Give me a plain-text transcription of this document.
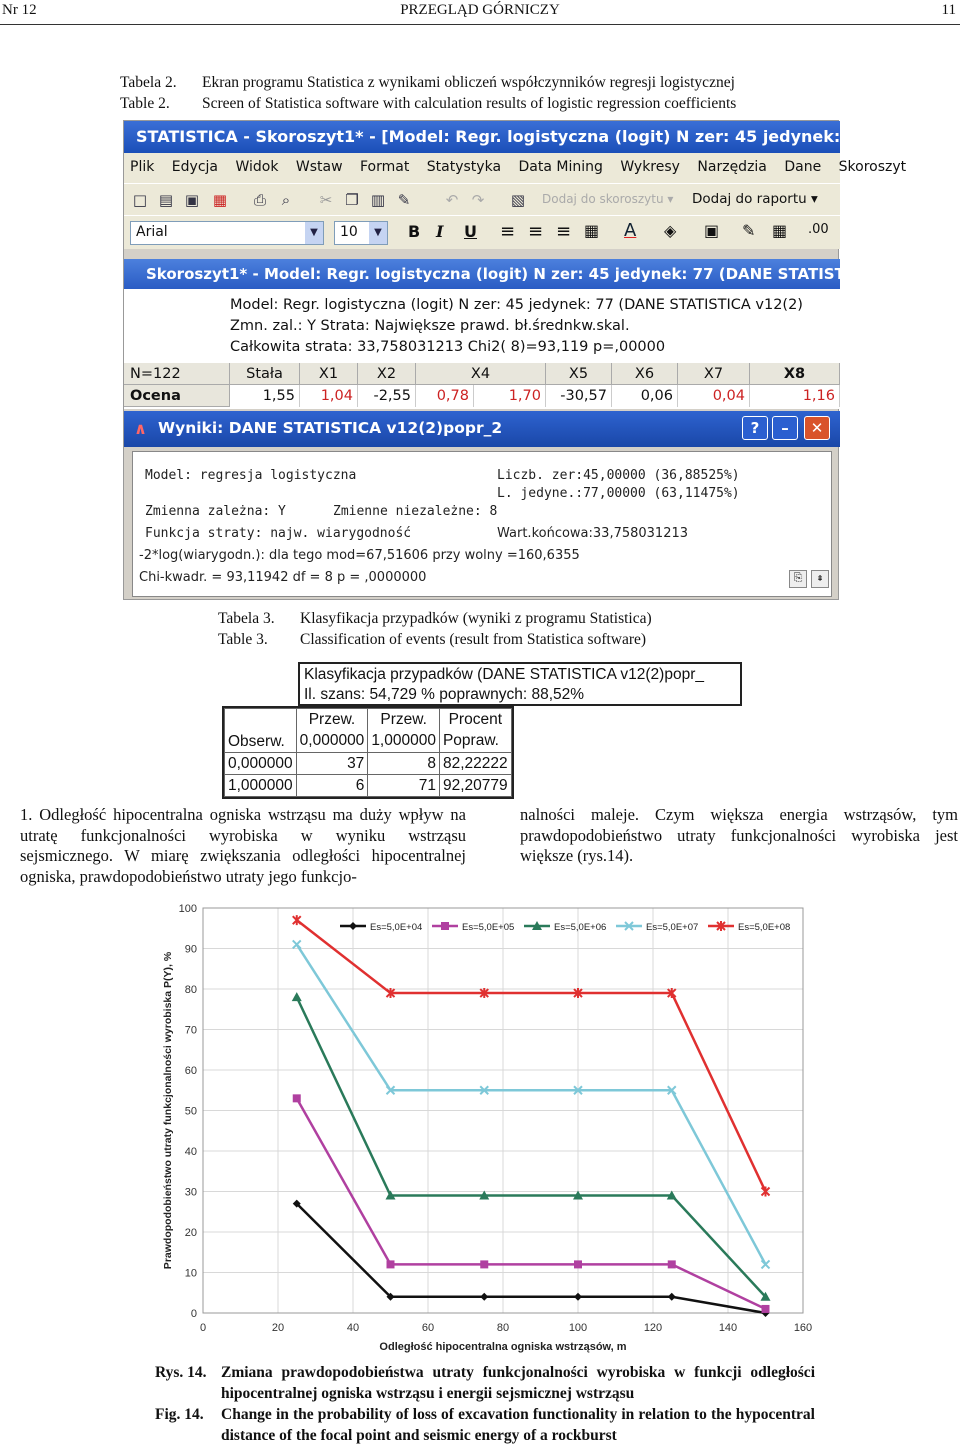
Nr 12	PRZEGLĄD GÓRNICZY	11
Tabela 2. Ekran programu Statistica z wynikami obliczeń współczynników regresji logistycznej
Table 2. Screen of Statistica software with calculation results of logistic regression coefficients
STATISTICA - Skoroszyt1* - [Model: Regr. logistyczna (logit) N zer: 45 jedynek: 77 (DAN
Plik Edycja Widok Wstaw Format Statystyka Data Mining Wykresy Narzędzia Dane Skoroszyt
□ ▤ ▣ ▦ ⎙	⌕	✂ ❐ ▥ ✎ ↶ ↷ ▧ Dodaj do skoroszytu ▾ Dodaj do raportu ▾
Arial	▼	10	▼	B I U ≡ ≡ ≡ ▦ A ◈ ▣ ✎ ▦ .00
Skoroszyt1* - Model: Regr. logistyczna (logit) N zer: 45 jedynek: 77 (DANE STATISTICA
Model: Regr. logistyczna (logit) N zer: 45 jedynek: 77 (DANE STATISTICA v12(2)
Zmn. zal.: Y Strata: Największe prawd. bł.średnkw.skal.
Całkowita strata: 33,758031213 Chi2( 8)=93,119 p=,00000
N=122	Stała	X1	X2	X4	X5	X6	X7	X8
Ocena	1,55	1,04	-2,55	0,78	1,70	-30,57	0,06	0,04	1,16
∧ Wyniki: DANE STATISTICA v12(2)popr_2	?	–	✕
Model: regresja logistyczna
Zmienna zależna: Y	Zmienne niezależne: 8
Funkcja straty: najw. wiarygodność
Liczb. zer:45,00000 (36,88525%)
L. jedyne.:77,00000 (63,11475%)
Wart.końcowa:33,758031213
-2*log(wiarygodn.): dla tego mod=67,51606 przy wolny =160,6355
Chi-kwadr. = 93,11942 df = 8 p = ,0000000	⎘	⇞
Tabela 3. Klasyfikacja przypadków (wyniki z programu Statistica)
Table 3. Classification of events (result from Statistica software)
Klasyfikacja przypadków (DANE STATISTICA v12(2)popr_
Il. szans: 54,729 % poprawnych: 88,52%
Obserw.	Przew.	Przew.	Procent
	0,000000	1,000000	Popraw.
0,000000	37	8	82,22222
1,000000	6	71	92,20779
1. Odległość hipocentralna ogniska wstrząsu ma duży wpływ na utratę funkcjonalności wyrobiska w wyniku wstrząsu sejsmicznego. W miarę zwiększania odległości hipocentralnej ogniska, prawdopodobieństwo utraty jego funkcjo-
nalności maleje. Czym większa energia wstrząsów, tym prawdopodobieństwo utraty funkcjonalności wyrobiska jest większe (rys.14).
0
10
20
30
40
50
60
70
80
90
100
0	20	40	60	80	100	120	140	160
Odległość hipocentralna ogniska wstrząsów, m
Prawdopodobieństwo utraty funkcjonalności wyrobiska P(Y), %
Es=5,0E+04	Es=5,0E+05	Es=5,0E+06	Es=5,0E+07	Es=5,0E+08
Rys. 14. Zmiana prawdopodobieństwa utraty funkcjonalności wyrobiska w funkcji odległości hipocentralnej ogniska wstrząsu i energii sejsmicznej wstrząsu
Fig. 14.	Change in the probability of loss of excavation functionality in relation to the hypocentral distance of the focal point and seismic energy of a rockburst
